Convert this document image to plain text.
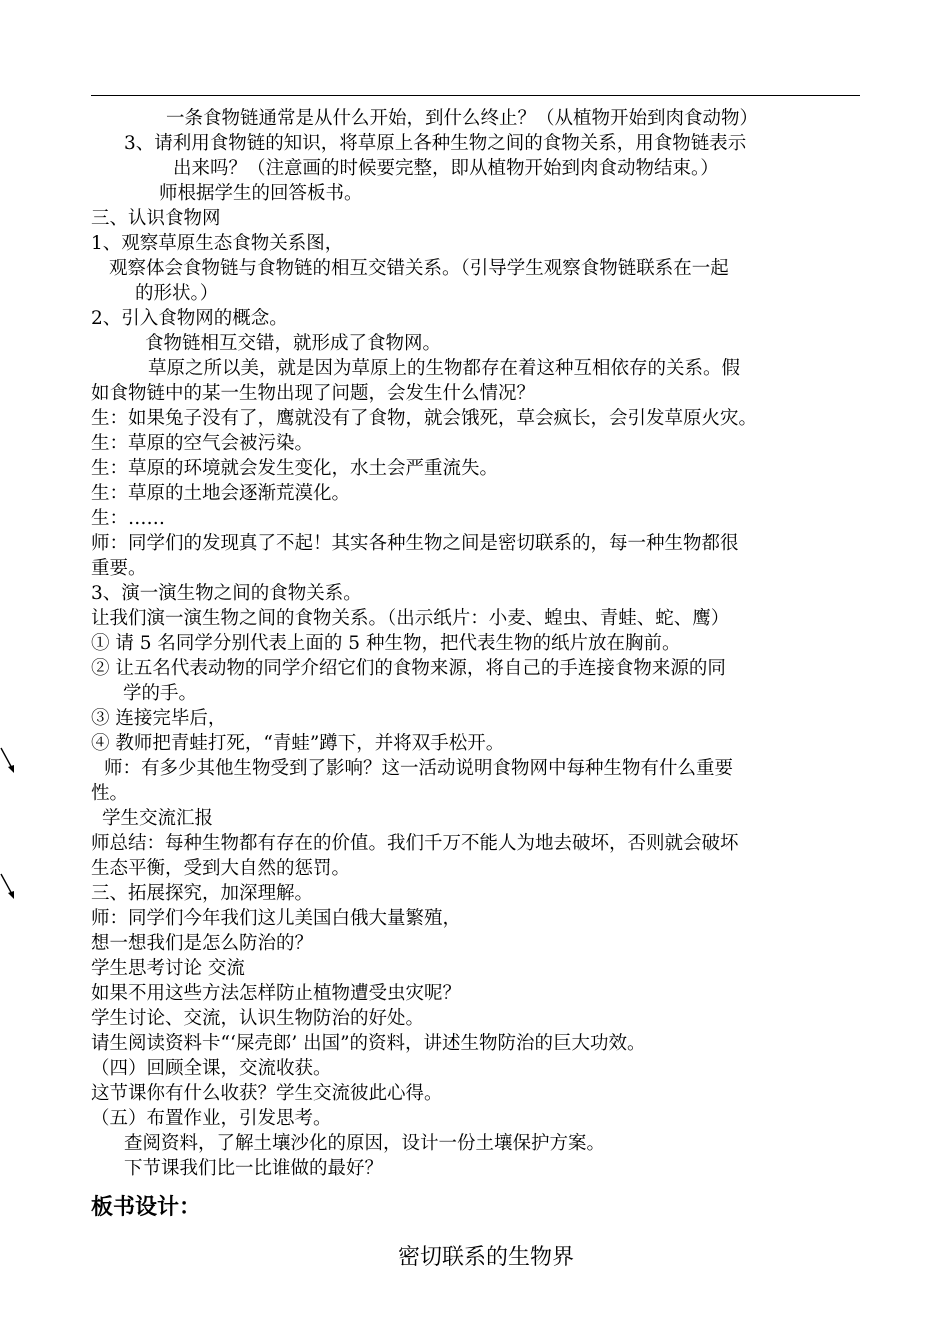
一条食物链通常是从什么开始，到什么终止？（从植物开始到肉食动物）
3、请利用食物链的知识，将草原上各种生物之间的食物关系，用食物链表示
出来吗？（注意画的时候要完整，即从植物开始到肉食动物结束。）
师根据学生的回答板书。
三、认识食物网
1、观察草原生态食物关系图，
观察体会食物链与食物链的相互交错关系。（引导学生观察食物链联系在一起
的形状。）
2、引入食物网的概念。
食物链相互交错，就形成了食物网。
草原之所以美，就是因为草原上的生物都存在着这种互相依存的关系。假
如食物链中的某一生物出现了问题，会发生什么情况？
生：如果兔子没有了，鹰就没有了食物，就会饿死，草会疯长，会引发草原火灾。
生：草原的空气会被污染。
生：草原的环境就会发生变化，水土会严重流失。
生：草原的土地会逐渐荒漠化。
生：……
师：同学们的发现真了不起！其实各种生物之间是密切联系的，每一种生物都很
重要。
3、演一演生物之间的食物关系。
让我们演一演生物之间的食物关系。（出示纸片：小麦、蝗虫、青蛙、蛇、鹰）
① 请 5 名同学分别代表上面的 5 种生物，把代表生物的纸片放在胸前。
② 让五名代表动物的同学介绍它们的食物来源，将自己的手连接食物来源的同
学的手。
③ 连接完毕后，
④ 教师把青蛙打死，“青蛙”蹲下，并将双手松开。
师：有多少其他生物受到了影响？这一活动说明食物网中每种生物有什么重要
性。
学生交流汇报
师总结：每种生物都有存在的价值。我们千万不能人为地去破坏，否则就会破坏
生态平衡，受到大自然的惩罚。
三、拓展探究，加深理解。
师：同学们今年我们这儿美国白俄大量繁殖，
想一想我们是怎么防治的？
学生思考讨论 交流
如果不用这些方法怎样防止植物遭受虫灾呢？
学生讨论、交流，认识生物防治的好处。
请生阅读资料卡“‘屎壳郎’ 出国”的资料，讲述生物防治的巨大功效。
（四）回顾全课，交流收获。
这节课你有什么收获？学生交流彼此心得。
（五）布置作业，引发思考。
查阅资料，了解土壤沙化的原因，设计一份土壤保护方案。
下节课我们比一比谁做的最好？
板书设计：
密切联系的生物界
